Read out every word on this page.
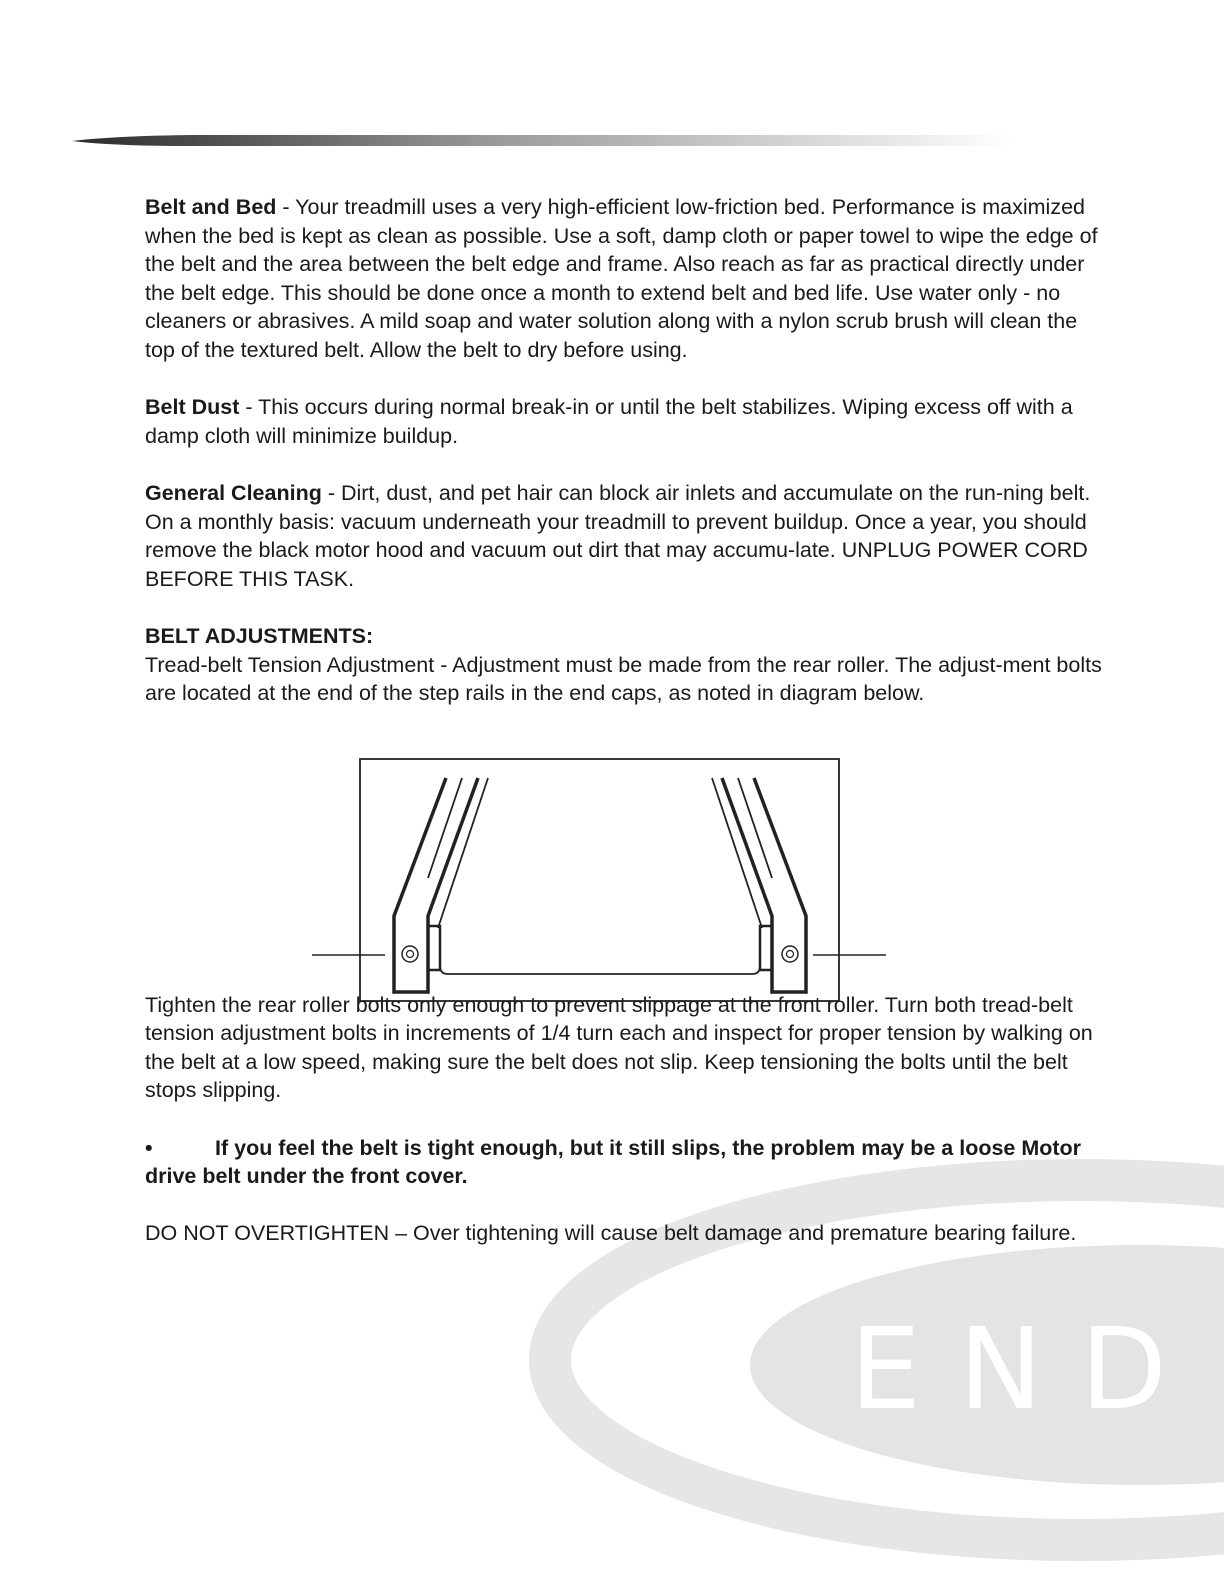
END

Belt and Bed - Your treadmill uses a very high-efficient low-friction bed. Performance is maximized when the bed is kept as clean as possible. Use a soft, damp cloth or paper towel to wipe the edge of the belt and the area between the belt edge and frame. Also reach as far as practical directly under the belt edge. This should be done once a month to extend belt and bed life. Use water only - no cleaners or abrasives. A mild soap and water solution along with a nylon scrub brush will clean the top of the textured belt. Allow the belt to dry before using.

Belt Dust - This occurs during normal break-in or until the belt stabilizes. Wiping excess off with a damp cloth will minimize buildup.

General Cleaning - Dirt, dust, and pet hair can block air inlets and accumulate on the run-ning belt. On a monthly basis: vacuum underneath your treadmill to prevent buildup. Once a year, you should remove the black motor hood and vacuum out dirt that may accumu-late. UNPLUG POWER CORD BEFORE THIS TASK.

BELT ADJUSTMENTS:

Tread-belt Tension Adjustment - Adjustment must be made from the rear roller. The adjust-ment bolts are located at the end of the step rails in the end caps, as noted in diagram below.

Tighten the rear roller bolts only enough to prevent slippage at the front roller. Turn both tread-belt tension adjustment bolts in increments of 1/4 turn each and inspect for proper tension by walking on the belt at a low speed, making sure the belt does not slip. Keep tensioning the bolts until the belt stops slipping.

•	If you feel the belt is tight enough, but it still slips, the problem may be a loose Motor drive belt under the front cover.

DO NOT OVERTIGHTEN – Over tightening will cause belt damage and premature bearing failure.
